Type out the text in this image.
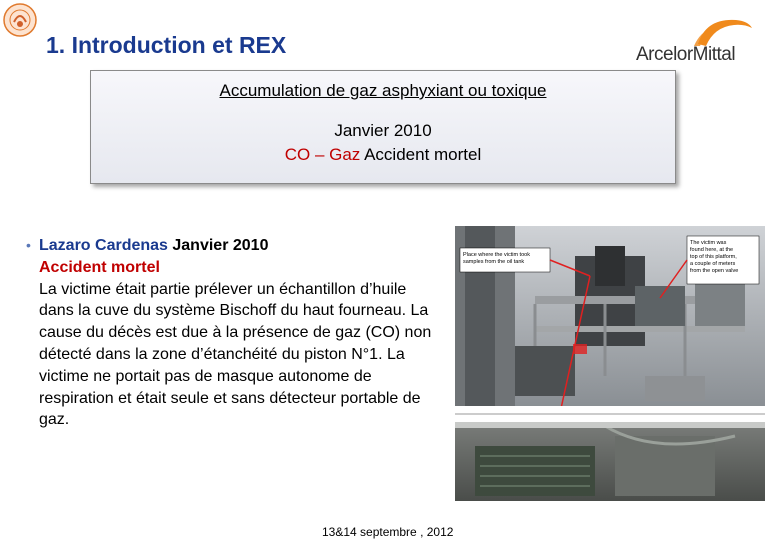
1. Introduction et REX	ArcelorMittal
Accumulation de gaz asphyxiant ou toxique
Janvier 2010
CO – Gaz Accident mortel
• Lazaro Cardenas Janvier 2010
Accident mortel
La victime était partie prélever un échantillon d’huile dans la cuve du système Bischoff du haut fourneau. La cause du décès est due à la présence de gaz (CO) non détecté dans la zone d’étanchéité du piston N°1. La victime ne portait pas de masque autonome de respiration et était seule et sans détecteur portable de gaz.
Place where the victim took
samples from the oil tank
The victim was
found here, at the
top of this platform,
a couple of meters
from the open valve
13&14 septembre , 2012
